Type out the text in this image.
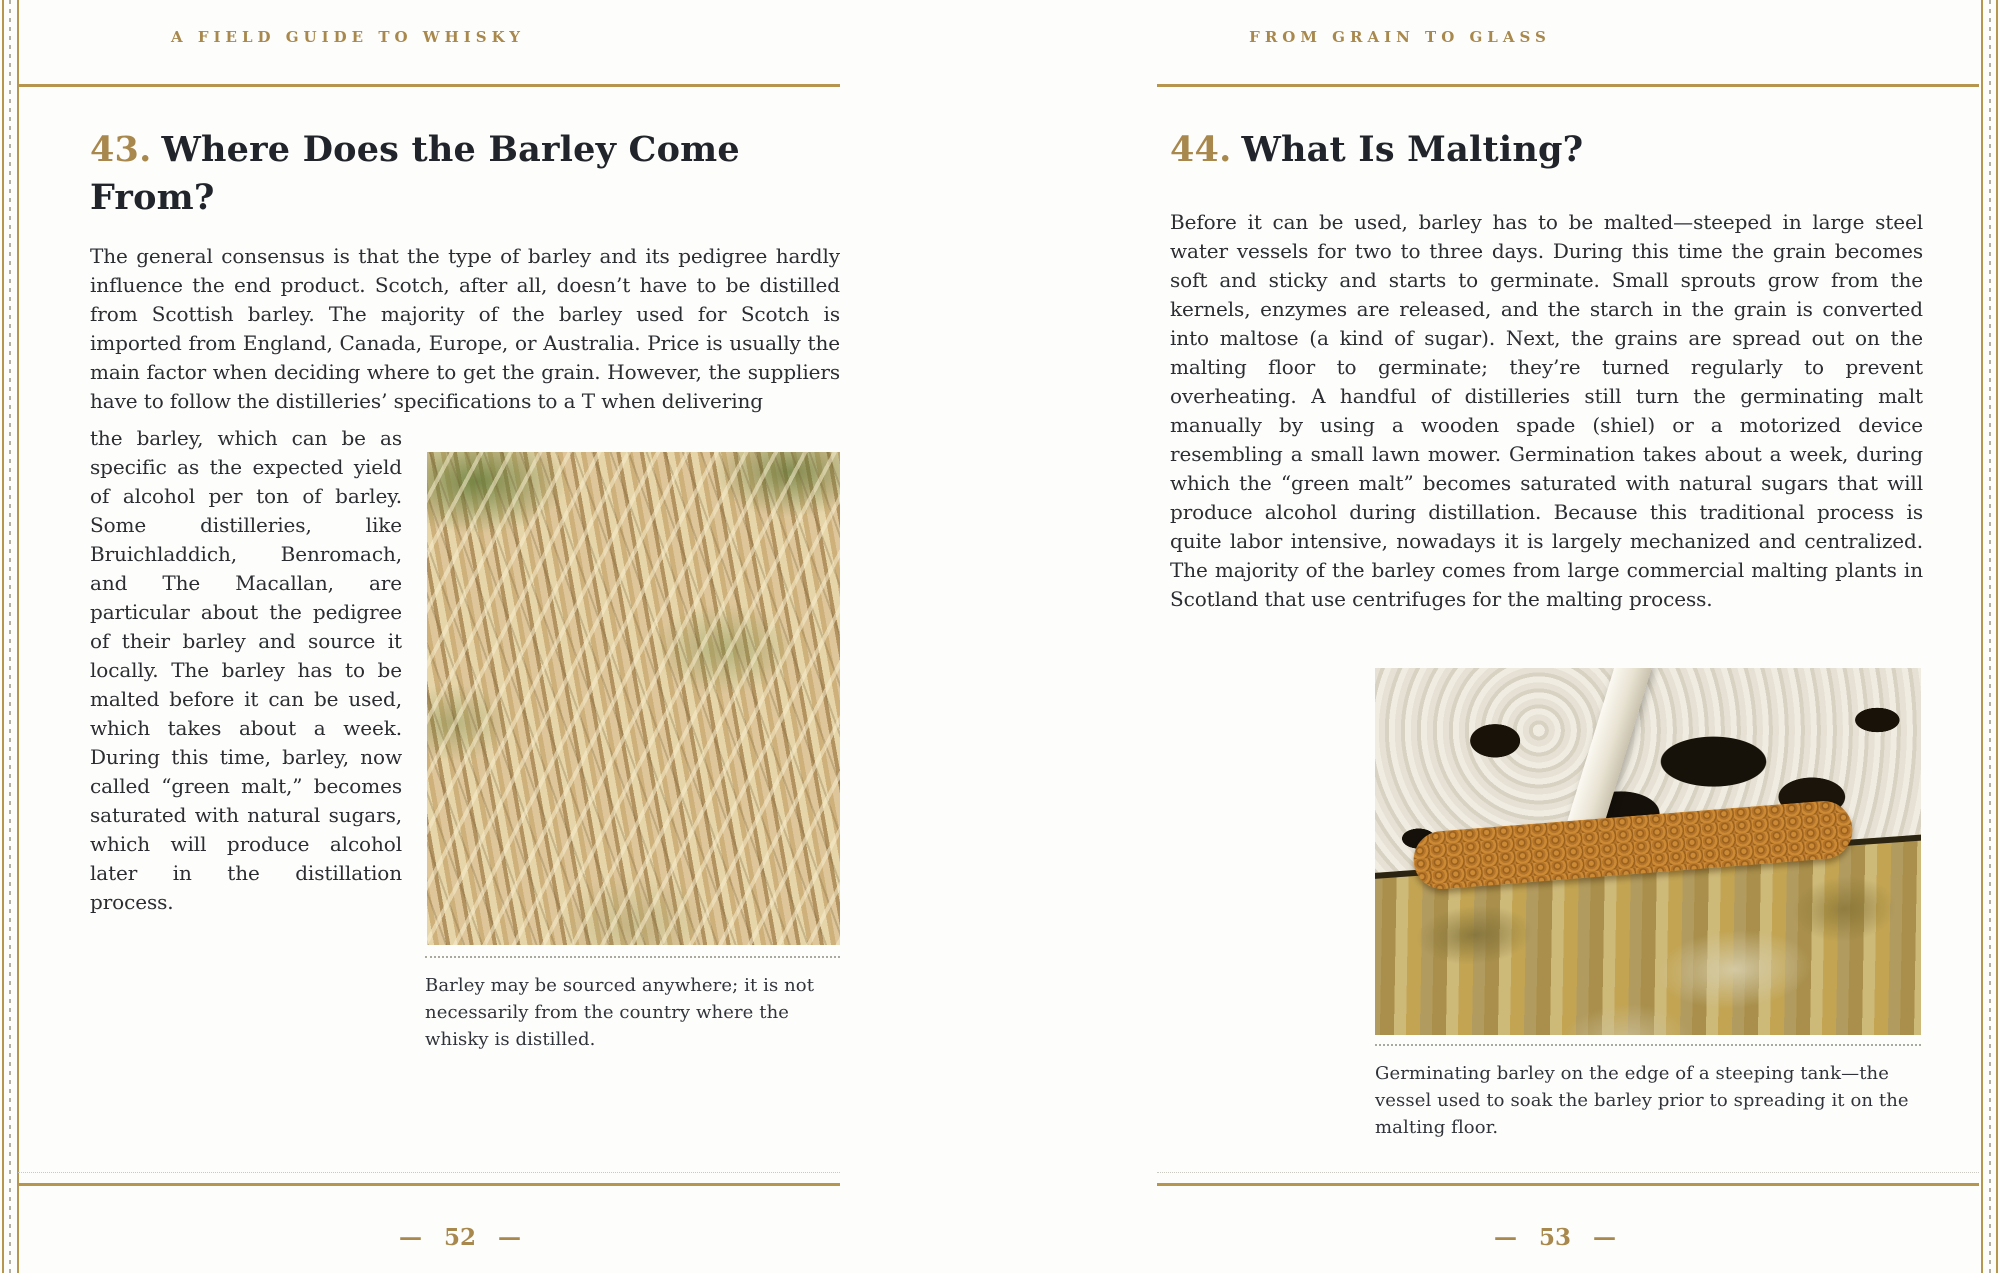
A FIELD GUIDE TO WHISKY	FROM GRAIN TO GLASS
43. Where Does the Barley Come From?

The general consensus is that the type of barley and its pedigree hardly influence the end product. Scotch, after all, doesn’t have to be distilled from Scottish barley. The majority of the barley used for Scotch is imported from England, Canada, Europe, or Australia. Price is usually the main factor when deciding where to get the grain. However, the suppliers have to follow the distilleries’ specifications to a T when delivering

the barley, which can be as specific as the expected yield of alcohol per ton of barley. Some distilleries, like Bruichladdich, Benromach, and The Macallan, are particular about the pedigree of their barley and source it locally. The barley has to be malted before it can be used, which takes about a week. During this time, barley, now called “green malt,” becomes saturated with natural sugars, which will produce alcohol later in the distillation process.

Barley may be sourced anywhere; it is not necessarily from the country where the whisky is distilled.
44. What Is Malting?

Before it can be used, barley has to be malted—steeped in large steel water vessels for two to three days. During this time the grain becomes soft and sticky and starts to germinate. Small sprouts grow from the kernels, enzymes are released, and the starch in the grain is converted into maltose (a kind of sugar). Next, the grains are spread out on the malting floor to germinate; they’re turned regularly to prevent overheating. A handful of distilleries still turn the germinating malt manually by using a wooden spade (shiel) or a motorized device resembling a small lawn mower. Germination takes about a week, during which the “green malt” becomes saturated with natural sugars that will produce alcohol during distillation. Because this traditional process is quite labor intensive, nowadays it is largely mechanized and centralized. The majority of the barley comes from large commercial malting plants in Scotland that use centrifuges for the malting process.

Germinating barley on the edge of a steeping tank—the vessel used to soak the barley prior to spreading it on the malting floor.
— 52 —	— 53 —
